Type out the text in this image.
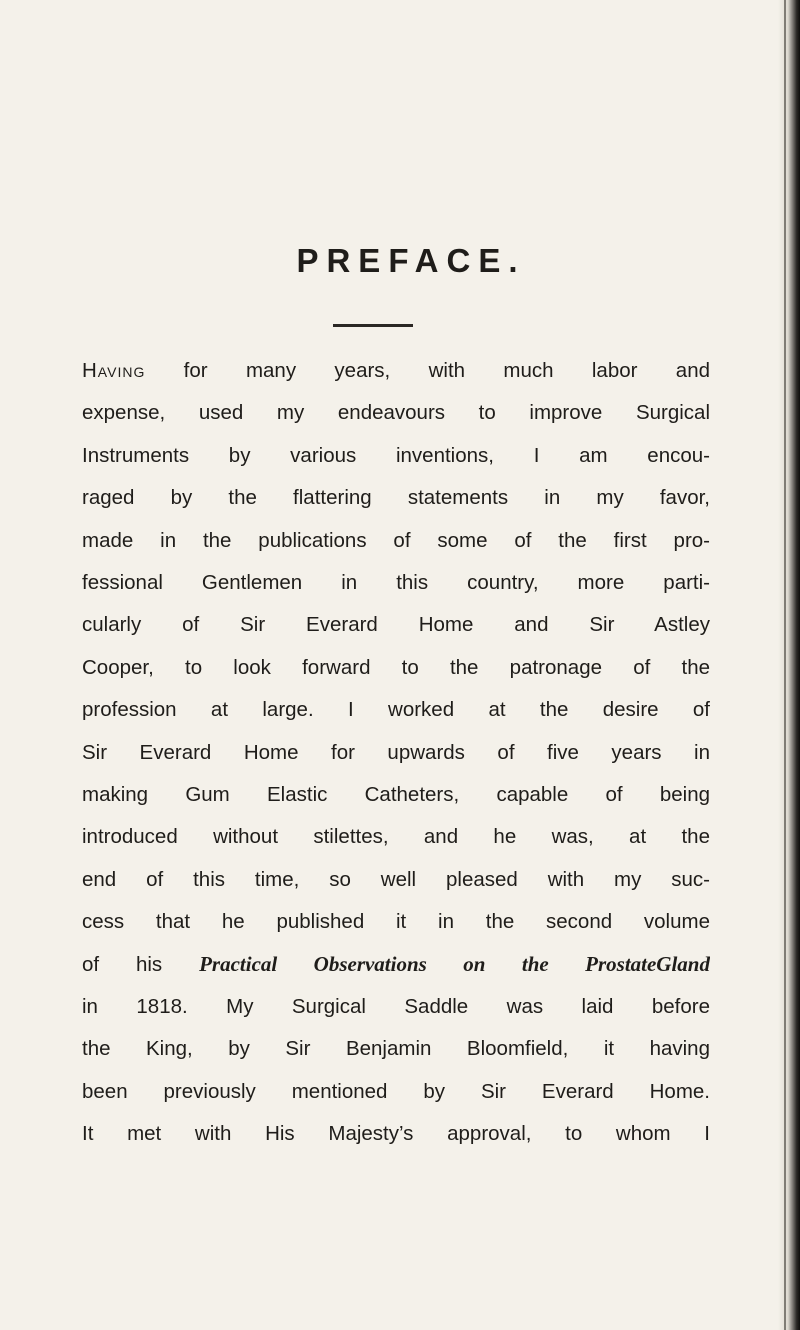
PREFACE.
Having for many years, with much labor and
expense, used my endeavours to improve Surgical
Instruments by various inventions, I am encou-
raged by the flattering statements in my favor,
made in the publications of some of the first pro-
fessional Gentlemen in this country, more parti-
cularly of Sir Everard Home and Sir Astley
Cooper, to look forward to the patronage of the
profession at large. I worked at the desire of
Sir Everard Home for upwards of five years in
making Gum Elastic Catheters, capable of being
introduced without stilettes, and he was, at the
end of this time, so well pleased with my suc-
cess that he published it in the second volume
of his Practical Observations on the ProstateGland
in 1818. My Surgical Saddle was laid before
the King, by Sir Benjamin Bloomfield, it having
been previously mentioned by Sir Everard Home.
It met with His Majesty’s approval, to whom I
